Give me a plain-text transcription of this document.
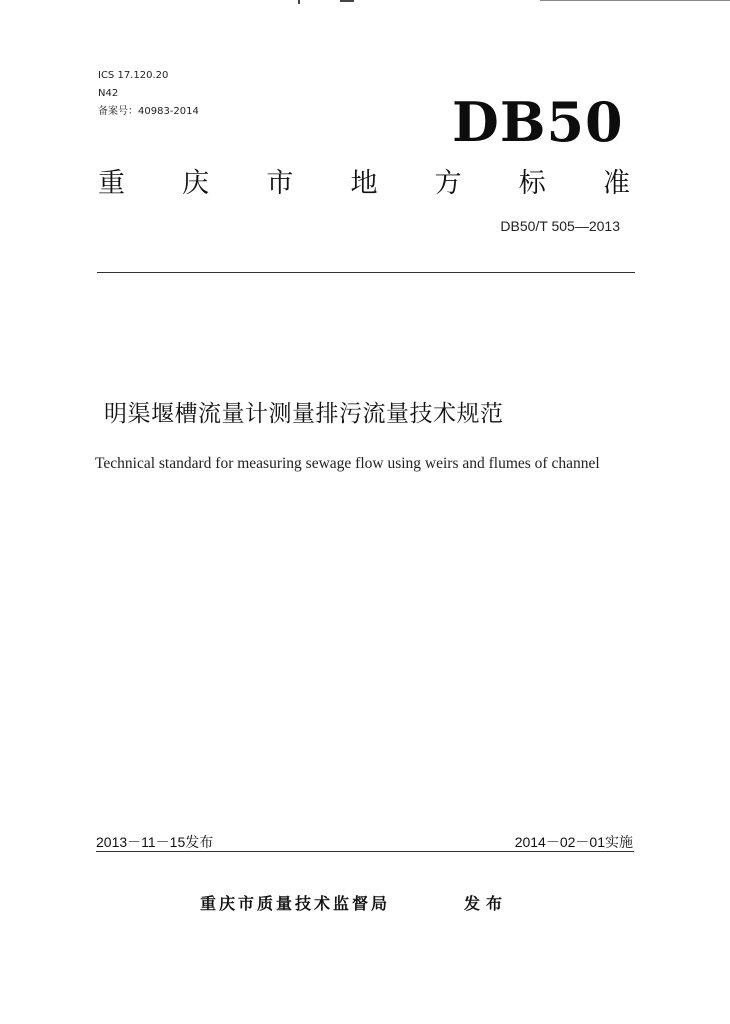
ICS 17.120.20
N42
备案号：40983-2014	DB50
重 庆 市 地 方 标 准
DB50/T 505—2013
明渠堰槽流量计测量排污流量技术规范
Technical standard for measuring sewage flow using weirs and flumes of channel
2013－11－15发布	2014－02－01实施
重庆市质量技术监督局	发布
